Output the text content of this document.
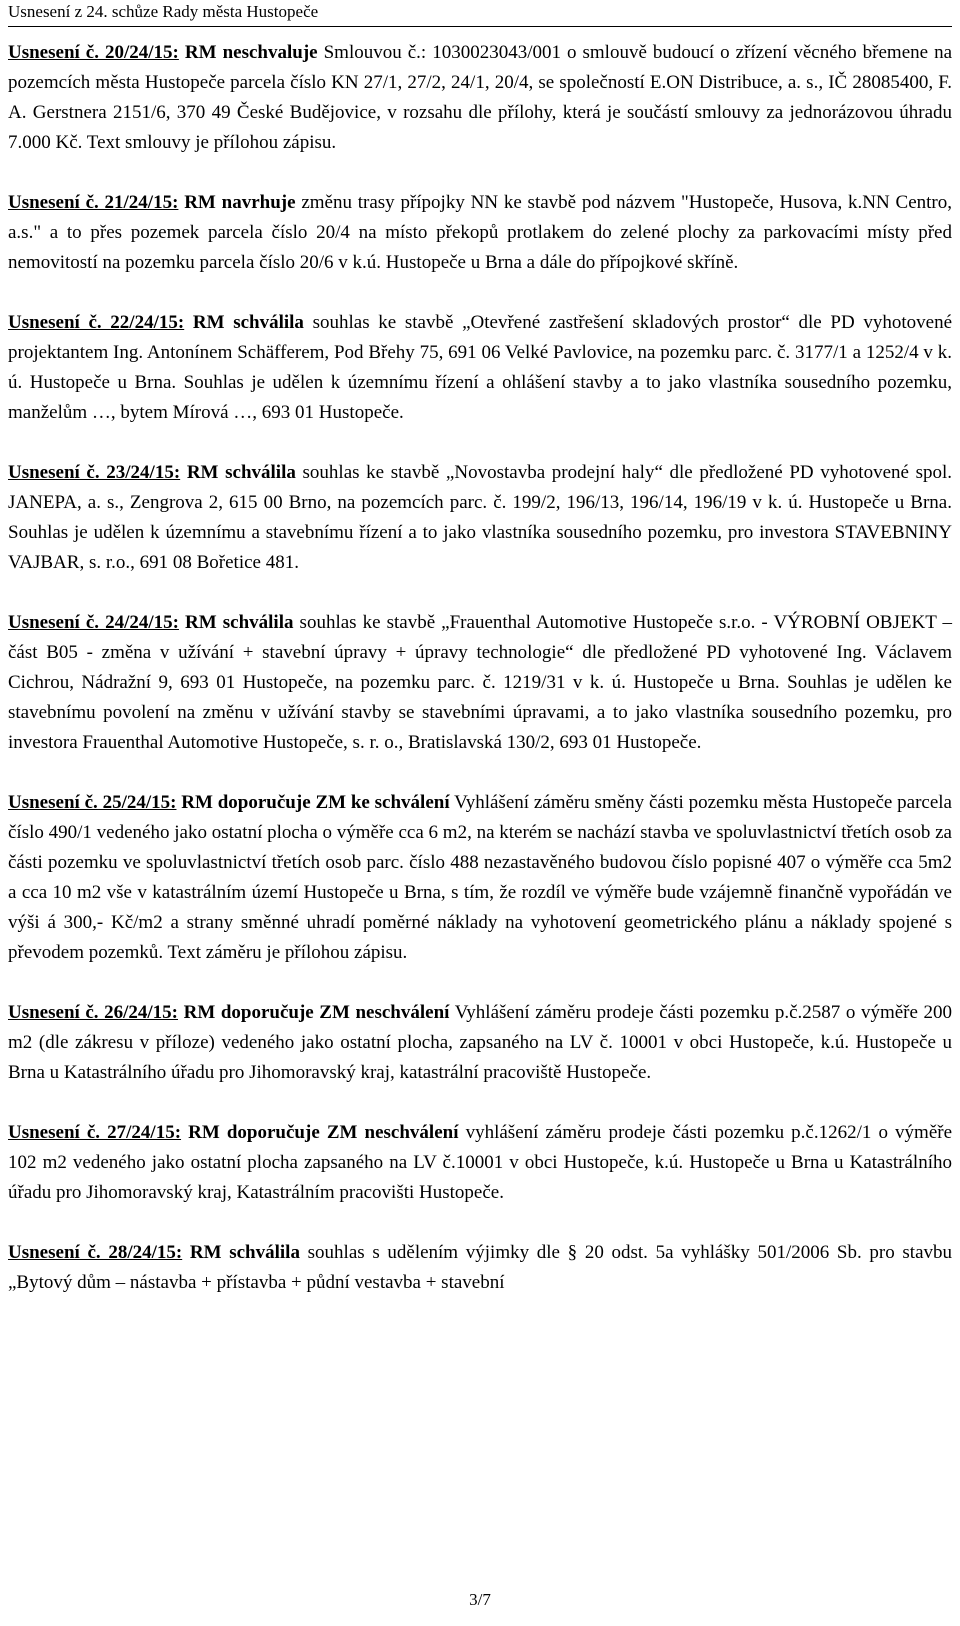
Usnesení z 24. schůze Rady města Hustopeče

Usnesení č. 20/24/15: RM neschvaluje Smlouvou č.: 1030023043/001 o smlouvě budoucí o zřízení věcného břemene na pozemcích města Hustopeče parcela číslo KN 27/1, 27/2, 24/1, 20/4, se společností E.ON Distribuce, a. s., IČ 28085400, F. A. Gerstnera 2151/6, 370 49 České Budějovice, v rozsahu dle přílohy, která je součástí smlouvy za jednorázovou úhradu 7.000 Kč. Text smlouvy je přílohou zápisu.

Usnesení č. 21/24/15: RM navrhuje změnu trasy přípojky NN ke stavbě pod názvem "Hustopeče, Husova, k.NN Centro, a.s." a to přes pozemek parcela číslo 20/4 na místo překopů protlakem do zelené plochy za parkovacími místy před nemovitostí na pozemku parcela číslo 20/6 v k.ú. Hustopeče u Brna a dále do přípojkové skříně.

Usnesení č. 22/24/15: RM schválila souhlas ke stavbě „Otevřené zastřešení skladových prostor“ dle PD vyhotovené projektantem Ing. Antonínem Schäfferem, Pod Břehy 75, 691 06 Velké Pavlovice, na pozemku parc. č. 3177/1 a 1252/4 v k. ú. Hustopeče u Brna. Souhlas je udělen k územnímu řízení a ohlášení stavby a to jako vlastníka sousedního pozemku, manželům …, bytem Mírová …, 693 01 Hustopeče.

Usnesení č. 23/24/15: RM schválila souhlas ke stavbě „Novostavba prodejní haly“ dle předložené PD vyhotovené spol. JANEPA, a. s., Zengrova 2, 615 00 Brno, na pozemcích parc. č. 199/2, 196/13, 196/14, 196/19 v k. ú. Hustopeče u Brna. Souhlas je udělen k územnímu a stavebnímu řízení a to jako vlastníka sousedního pozemku, pro investora STAVEBNINY VAJBAR, s. r.o., 691 08 Bořetice 481.

Usnesení č. 24/24/15: RM schválila souhlas ke stavbě „Frauenthal Automotive Hustopeče s.r.o. - VÝROBNÍ OBJEKT – část B05 - změna v užívání + stavební úpravy + úpravy technologie“ dle předložené PD vyhotovené Ing. Václavem Cichrou, Nádražní 9, 693 01 Hustopeče, na pozemku parc. č. 1219/31 v k. ú. Hustopeče u Brna. Souhlas je udělen ke stavebnímu povolení na změnu v užívání stavby se stavebními úpravami, a to jako vlastníka sousedního pozemku, pro investora Frauenthal Automotive Hustopeče, s. r. o., Bratislavská 130/2, 693 01 Hustopeče.

Usnesení č. 25/24/15: RM doporučuje ZM ke schválení Vyhlášení záměru směny části pozemku města Hustopeče parcela číslo 490/1 vedeného jako ostatní plocha o výměře cca 6 m2, na kterém se nachází stavba ve spoluvlastnictví třetích osob za části pozemku ve spoluvlastnictví třetích osob parc. číslo 488 nezastavěného budovou číslo popisné 407 o výměře cca 5m2 a cca 10 m2 vše v katastrálním území Hustopeče u Brna, s tím, že rozdíl ve výměře bude vzájemně finančně vypořádán ve výši á 300,- Kč/m2 a strany směnné uhradí poměrné náklady na vyhotovení geometrického plánu a náklady spojené s převodem pozemků. Text záměru je přílohou zápisu.

Usnesení č. 26/24/15: RM doporučuje ZM neschválení Vyhlášení záměru prodeje části pozemku p.č.2587 o výměře 200 m2 (dle zákresu v příloze) vedeného jako ostatní plocha, zapsaného na LV č. 10001 v obci Hustopeče, k.ú. Hustopeče u Brna u Katastrálního úřadu pro Jihomoravský kraj, katastrální pracoviště Hustopeče.

Usnesení č. 27/24/15: RM doporučuje ZM neschválení vyhlášení záměru prodeje části pozemku p.č.1262/1 o výměře 102 m2 vedeného jako ostatní plocha zapsaného na LV č.10001 v obci Hustopeče, k.ú. Hustopeče u Brna u Katastrálního úřadu pro Jihomoravský kraj, Katastrálním pracovišti Hustopeče.

Usnesení č. 28/24/15: RM schválila souhlas s udělením výjimky dle § 20 odst. 5a vyhlášky 501/2006 Sb. pro stavbu „Bytový dům – nástavba + přístavba + půdní vestavba + stavební

3/7
